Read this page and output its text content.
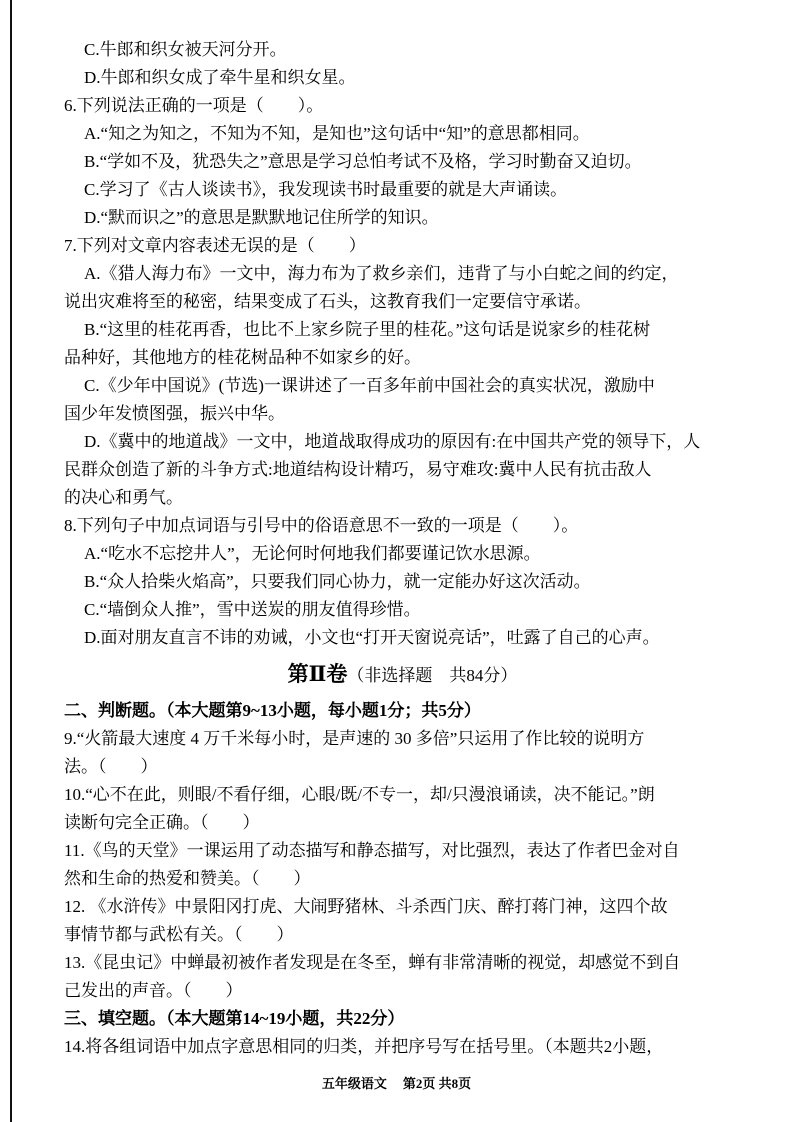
C.牛郎和织女被天河分开。
D.牛郎和织女成了牵牛星和织女星。
6.下列说法正确的一项是（　　）。
A.“知之为知之，不知为不知，是知也”这句话中“知”的意思都相同。
B.“学如不及，犹恐失之”意思是学习总怕考试不及格，学习时勤奋又迫切。
C.学习了《古人谈读书》，我发现读书时最重要的就是大声诵读。
D.“默而识之”的意思是默默地记住所学的知识。
7.下列对文章内容表述无误的是（　　）
A.《猎人海力布》一文中，海力布为了救乡亲们，违背了与小白蛇之间的约定，
说出灾难将至的秘密，结果变成了石头，这教育我们一定要信守承诺。
B.“这里的桂花再香，也比不上家乡院子里的桂花。”这句话是说家乡的桂花树
品种好，其他地方的桂花树品种不如家乡的好。
C.《少年中国说》(节选)一课讲述了一百多年前中国社会的真实状况，激励中
国少年发愤图强，振兴中华。
D.《冀中的地道战》一文中，地道战取得成功的原因有:在中国共产党的领导下，人
民群众创造了新的斗争方式:地道结构设计精巧，易守难攻:冀中人民有抗击敌人
的决心和勇气。
8.下列句子中加点词语与引号中的俗语意思不一致的一项是（　　）。
A.“吃水不忘挖井人”，无论何时何地我们都要谨记饮水思源。
B.“众人拾柴火焰高”，只要我们同心协力，就一定能办好这次活动。
C.“墙倒众人推”，雪中送炭的朋友值得珍惜。
D.面对朋友直言不讳的劝诫，小文也“打开天窗说亮话”，吐露了自己的心声。
第Ⅱ卷（非选择题　共84分）
二、判断题。（本大题第9~13小题，每小题1分；共5分）
9.“火箭最大速度 4 万千米每小时，是声速的 30 多倍”只运用了作比较的说明方
法。（　　）
10.“心不在此，则眼/不看仔细，心眼/既/不专一，却/只漫浪诵读，决不能记。”朗
读断句完全正确。（　　）
11.《鸟的天堂》一课运用了动态描写和静态描写，对比强烈，表达了作者巴金对自
然和生命的热爱和赞美。（　　）
12. 《水浒传》中景阳冈打虎、大闹野猪林、斗杀西门庆、醉打蒋门神，这四个故
事情节都与武松有关。（　　）
13.《昆虫记》中蝉最初被作者发现是在冬至，蝉有非常清晰的视觉，却感觉不到自
己发出的声音。（　　）
三、填空题。（本大题第14~19小题，共22分）
14.将各组词语中加点字意思相同的归类，并把序号写在括号里。（本题共2小题，
五年级语文 第2页 共8页
